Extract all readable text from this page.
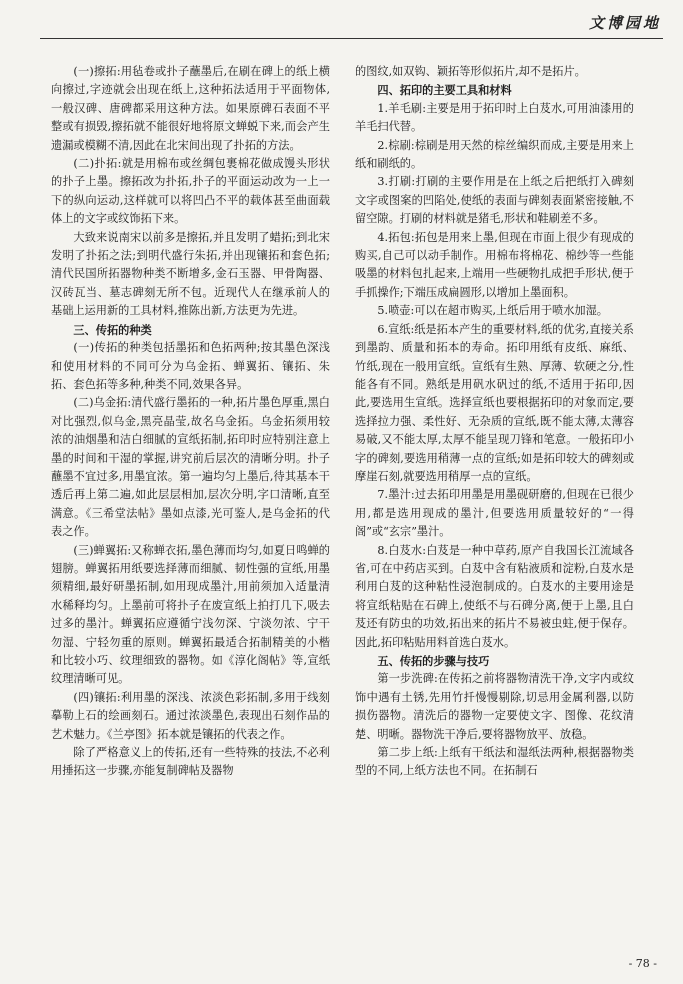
文博园地

(一)擦拓:用毡卷或扑子蘸墨后,在刷在碑上的纸上横向擦过,字迹就会出现在纸上,这种拓法适用于平面物体,一般汉碑、唐碑都采用这种方法。如果原碑石表面不平整或有损毁,擦拓就不能很好地将原文蝉蜕下来,而会产生遗漏或模糊不清,因此在北宋间出现了扑拓的方法。

(二)扑拓:就是用棉布或丝绸包裹棉花做成馒头形状的扑子上墨。擦拓改为扑拓,扑子的平面运动改为一上一下的纵向运动,这样就可以将凹凸不平的载体甚至曲面载体上的文字或纹饰拓下来。

大致来说南宋以前多是擦拓,并且发明了蜡拓;到北宋发明了扑拓之法;到明代盛行朱拓,并出现镶拓和套色拓;清代民国所拓器物种类不断增多,金石玉器、甲骨陶器、汉砖瓦当、墓志碑刻无所不包。近现代人在继承前人的基础上运用新的工具材料,推陈出新,方法更为先进。

三、传拓的种类

(一)传拓的种类包括墨拓和色拓两种;按其墨色深浅和使用材料的不同可分为乌金拓、蝉翼拓、镶拓、朱拓、套色拓等多种,种类不同,效果各异。

(二)乌金拓:清代盛行墨拓的一种,拓片墨色厚重,黑白对比强烈,似乌金,黑亮晶莹,故名乌金拓。乌金拓须用较浓的油烟墨和洁白细腻的宣纸拓制,拓印时应特别注意上墨的时间和干湿的掌握,讲究前后层次的清晰分明。扑子蘸墨不宜过多,用墨宜浓。第一遍均匀上墨后,待其基本干透后再上第二遍,如此层层相加,层次分明,字口清晰,直至满意。《三希堂法帖》墨如点漆,光可鉴人,是乌金拓的代表之作。

(三)蝉翼拓:又称蝉衣拓,墨色薄而均匀,如夏日鸣蝉的翅膀。蝉翼拓用纸要选择薄而细腻、韧性强的宣纸,用墨须精细,最好研墨拓制,如用现成墨汁,用前须加入适量清水稀释均匀。上墨前可将扑子在废宣纸上拍打几下,吸去过多的墨汁。蝉翼拓应遵循宁浅勿深、宁淡勿浓、宁干勿湿、宁轻勿重的原则。蝉翼拓最适合拓制精美的小楷和比较小巧、纹理细致的器物。如《淳化阁帖》等,宣纸纹理清晰可见。

(四)镶拓:利用墨的深浅、浓淡色彩拓制,多用于线刻摹勒上石的绘画刻石。通过浓淡墨色,表现出石刻作品的艺术魅力。《兰亭图》拓本就是镶拓的代表之作。

除了严格意义上的传拓,还有一些特殊的技法,不必利用捶拓这一步骤,亦能复制碑帖及器物

的图纹,如双钩、颖拓等形似拓片,却不是拓片。

四、拓印的主要工具和材料

1.羊毛刷:主要是用于拓印时上白芨水,可用油漆用的羊毛扫代替。

2.棕刷:棕刷是用天然的棕丝编织而成,主要是用来上纸和刷纸的。

3.打刷:打刷的主要作用是在上纸之后把纸打入碑刻文字或图案的凹陷处,使纸的表面与碑刻表面紧密接触,不留空隙。打刷的材料就是猪毛,形状和鞋刷差不多。

4.拓包:拓包是用来上墨,但现在市面上很少有现成的购买,自己可以动手制作。用棉布将棉花、棉纱等一些能吸墨的材料包扎起来,上端用一些硬物扎成把手形状,便于手抓操作;下端压成扁圆形,以增加上墨面积。

5.喷壶:可以在超市购买,上纸后用于喷水加湿。

6.宣纸:纸是拓本产生的重要材料,纸的优劣,直接关系到墨韵、质量和拓本的寿命。拓印用纸有皮纸、麻纸、竹纸,现在一般用宣纸。宣纸有生熟、厚薄、软硬之分,性能各有不同。熟纸是用矾水矾过的纸,不适用于拓印,因此,要选用生宣纸。选择宣纸也要根据拓印的对象而定,要选择拉力强、柔性好、无杂质的宣纸,既不能太薄,太薄容易破,又不能太厚,太厚不能呈现刀锋和笔意。一般拓印小字的碑刻,要选用稍薄一点的宣纸;如是拓印较大的碑刻或摩崖石刻,就要选用稍厚一点的宣纸。

7.墨汁:过去拓印用墨是用墨砚研磨的,但现在已很少用,都是选用现成的墨汁,但要选用质量较好的“一得阁”或“玄宗”墨汁。

8.白芨水:白芨是一种中草药,原产自我国长江流域各省,可在中药店买到。白芨中含有粘液质和淀粉,白芨水是利用白芨的这种粘性浸泡制成的。白芨水的主要用途是将宣纸粘贴在石碑上,使纸不与石碑分离,便于上墨,且白芨还有防虫的功效,拓出来的拓片不易被虫蛀,便于保存。因此,拓印粘贴用料首选白芨水。

五、传拓的步骤与技巧

第一步洗碑:在传拓之前将器物清洗干净,文字内或纹饰中遇有土锈,先用竹扦慢慢剔除,切忌用金属利器,以防损伤器物。清洗后的器物一定要使文字、图像、花纹清楚、明晰。器物洗干净后,要将器物放平、放稳。

第二步上纸:上纸有干纸法和湿纸法两种,根据器物类型的不同,上纸方法也不同。在拓制石

- 78 -
